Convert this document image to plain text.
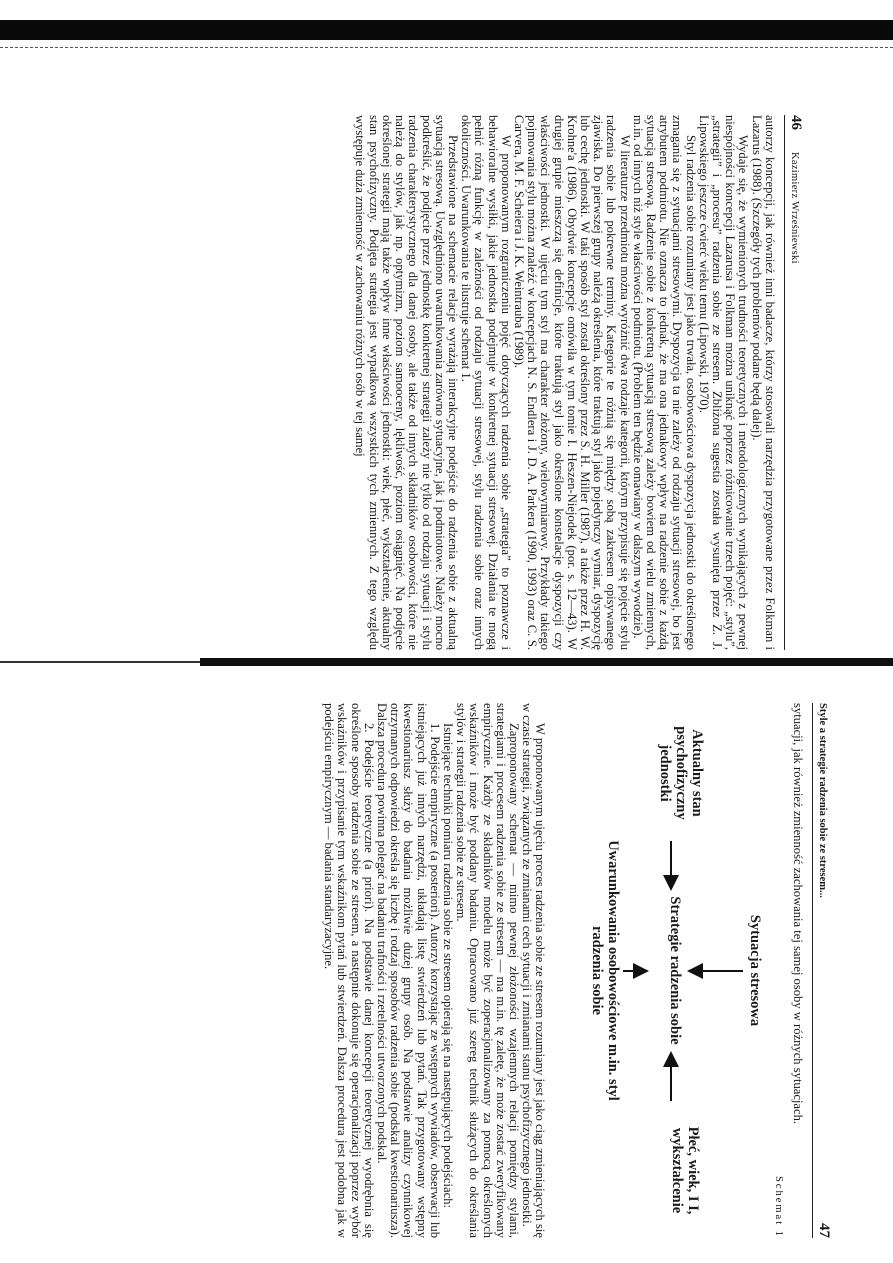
46
Kazimierz Wrześniewski

autorzy koncepcji, jak również inni badacze, którzy stosowali narzędzia przygotowane przez Folkman i Lazarus (1988). (Szczegóły tych problemów podane będą dalej).

Wydaje się, że wymienionych trudności teoretycznych i metodologicznych wynikających z pewnej niespójności koncepcji Lazarusa i Folkman można uniknąć poprzez różnicowanie trzech pojęć: „stylu”, „strategii” i „procesu” radzenia sobie ze stresem. Zbliżona sugestia została wysunięta przez Z. J. Lipowskiego jeszcze ćwierć wieku temu (Lipowski, 1970).

Styl radzenia sobie rozumiany jest jako trwała, osobowościowa dyspozycja jednostki do określonego zmagania się z sytuacjami stresowymi. Dyspozycja ta nie zależy od rodzaju sytuacji stresowej, bo jest atrybutem podmiotu. Nie oznacza to jednak, że ma ona jednakowy wpływ na radzenie sobie z każdą sytuacją stresową. Radzenie sobie z konkretną sytuacją stresową zależy bowiem od wielu zmiennych, m.in. od innych niż style właściwości podmiotu. (Problem ten będzie omawiany w dalszym wywodzie).

W literaturze przedmiotu można wyróżnić dwa rodzaje kategorii, którym przypisuje się pojęcie stylu radzenia sobie lub pokrewne terminy. Kategorie te różnią się między sobą zakresem opisywanego zjawiska. Do pierwszej grupy należą określenia, które traktują styl jako pojedynczy wymiar, dyspozycję lub cechę jednostki. W taki sposób styl został określony przez S. H. Miller (1987), a także przez H. W. Krohne'a (1986). Obydwie koncepcje omówiła w tym tomie I. Heszen-Niejodek (por. s. 12—43). W drugiej grupie mieszczą się definicje, które traktują styl jako określone konstelacje dyspozycji czy właściwości jednostki. W ujęciu tym styl ma charakter złożony, wielowymiarowy. Przykłady takiego pojmowania stylu można znaleźć w koncepcjach N. S. Endlera i J. D. A. Parkera (1990, 1993) oraz C. S. Carvera, M. F. Scheiera i J. K. Weintrauba (1989).

W proponowanym rozgraniczeniu pojęć dotyczących radzenia sobie „strategia” to poznawcze i behawioralne wysiłki, jakie jednostka podejmuje w konkretnej sytuacji stresowej. Działania te mogą pełnić różną funkcję w zależności od rodzaju sytuacji stresowej, stylu radzenia sobie oraz innych okoliczności. Uwarunkowania te ilustruje schemat 1.

Przedstawione na schemacie relacje wyrażają interakcyjne podejście do radzenia sobie z aktualną sytuacją stresową. Uwzględniono uwarunkowania zarówno sytuacyjne, jak i podmiotowe. Należy mocno podkreślić, że podjęcie przez jednostkę konkretnej strategii zależy nie tylko od rodzaju sytuacji i stylu radzenia charakterystycznego dla danej osoby, ale także od innych składników osobowości, które nie należą do stylów, jak np. optymizm, poziom samooceny, lękliwość, poziom osiągnięć. Na podjęcie określonej strategii mają także wpływ inne właściwości jednostki: wiek, płeć, wykształcenie, aktualny stan psychofizyczny. Podjęta strategia jest wypadkową wszystkich tych zmiennych. Z tego względu występuje duża zmienność w zachowaniu różnych osób w tej samej

Style a strategie radzenia sobie ze stresem...
47

sytuacji, jak również zmienność zachowania tej samej osoby w różnych sytuacjach.

Schemat 1
Sytuacja stresowa
Strategie radzenia sobie
Aktualny stan psychofizyczny jednostki
Płeć, wiek, I I, wykształcenie
Uwarunkowania osobowościowe m.in. styl radzenia sobie

W proponowanym ujęciu proces radzenia sobie ze stresem rozumiany jest jako ciąg zmieniających się w czasie strategii, związanych ze zmianami cech sytuacji i zmianami stanu psychofizycznego jednostki.

Zaproponowany schemat — mimo pewnej złożoności wzajemnych relacji pomiędzy stylami, strategiami i procesem radzenia sobie ze stresem — ma m.in. tę zaletę, że może zostać zweryfikowany empirycznie. Każdy ze składników modelu może być zoperacjonalizowany za pomocą określonych wskaźników i może być poddany badaniu. Opracowano już szereg technik służących do określania stylów i strategii radzenia sobie ze stresem.

Istniejące techniki pomiaru radzenia sobie ze stresem opierają się na następujących podejściach:

1. Podejście empiryczne (a posteriori). Autorzy korzystając ze wstępnych wywiadów, obserwacji lub istniejących już innych narzędzi, układają listę stwierdzeń lub pytań. Tak przygotowany wstępny kwestionariusz służy do badania możliwie dużej grupy osób. Na podstawie analizy czynnikowej otrzymanych odpowiedzi określa się liczbę i rodzaj sposobów radzenia sobie (podskal kwestionariusza). Dalsza procedura powinna polegać na badaniu trafności i rzetelności utworzonych podskal.

2. Podejście teoretyczne (a priori). Na podstawie danej koncepcji teoretycznej wyodrębnia się określone sposoby radzenia sobie ze stresem, a następnie dokonuje się operacjonalizacji poprzez wybór wskaźników i przypisanie tym wskaźnikom pytań lub stwierdzeń. Dalsza procedura jest podobna jak w podejściu empirycznym — badania standaryzacyjne.
